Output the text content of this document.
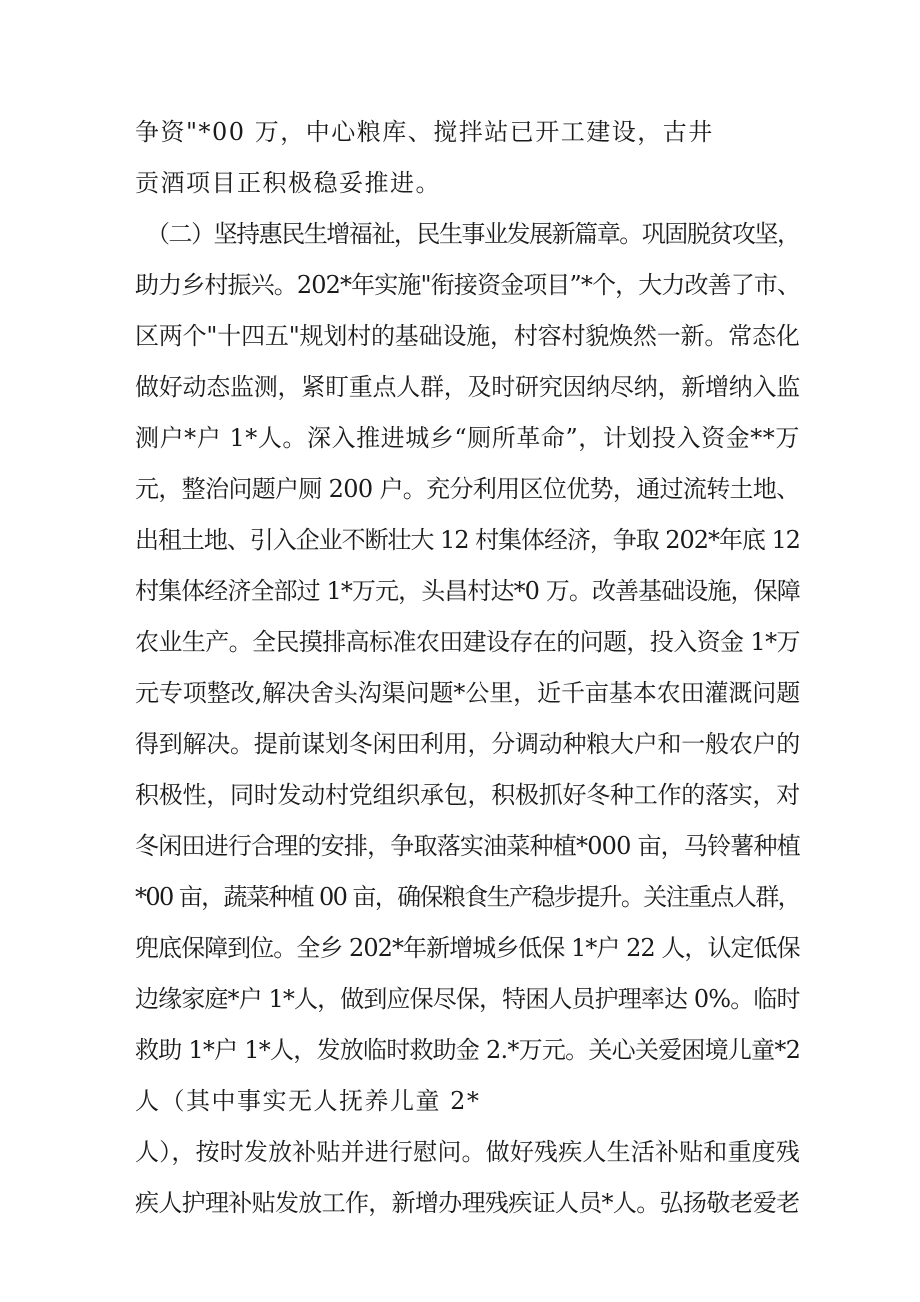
争资"*00 万，中心粮库、搅拌站已开工建设，古井
贡酒项目正积极稳妥推进。
（二）坚持惠民生增福祉，民生事业发展新篇章。巩固脱贫攻坚，
助力乡村振兴。202*年实施"衔接资金项目”*个，大力改善了市、
区两个"十四五"规划村的基础设施，村容村貌焕然一新。常态化
做好动态监测，紧盯重点人群，及时研究因纳尽纳，新增纳入监
测户*户 1*人。深入推进城乡“厕所革命”，计划投入资金**万
元，整治问题户厕 200 户。充分利用区位优势，通过流转土地、
出租土地、引入企业不断壮大 12 村集体经济，争取 202*年底 12
村集体经济全部过 1*万元，头昌村达*0 万。改善基础设施，保障
农业生产。全民摸排高标准农田建设存在的问题，投入资金 1*万
元专项整改,解决舍头沟渠问题*公里，近千亩基本农田灌溉问题
得到解决。提前谋划冬闲田利用，分调动种粮大户和一般农户的
积极性，同时发动村党组织承包，积极抓好冬种工作的落实，对
冬闲田进行合理的安排，争取落实油菜种植*000 亩，马铃薯种植
*00 亩，蔬菜种植 00 亩，确保粮食生产稳步提升。关注重点人群，
兜底保障到位。全乡 202*年新增城乡低保 1*户 22 人，认定低保
边缘家庭*户 1*人，做到应保尽保，特困人员护理率达 0%。临时
救助 1*户 1*人，发放临时救助金 2.*万元。关心关爱困境儿童*2
人（其中事实无人抚养儿童 2*
人），按时发放补贴并进行慰问。做好残疾人生活补贴和重度残
疾人护理补贴发放工作，新增办理残疾证人员*人。弘扬敬老爱老
